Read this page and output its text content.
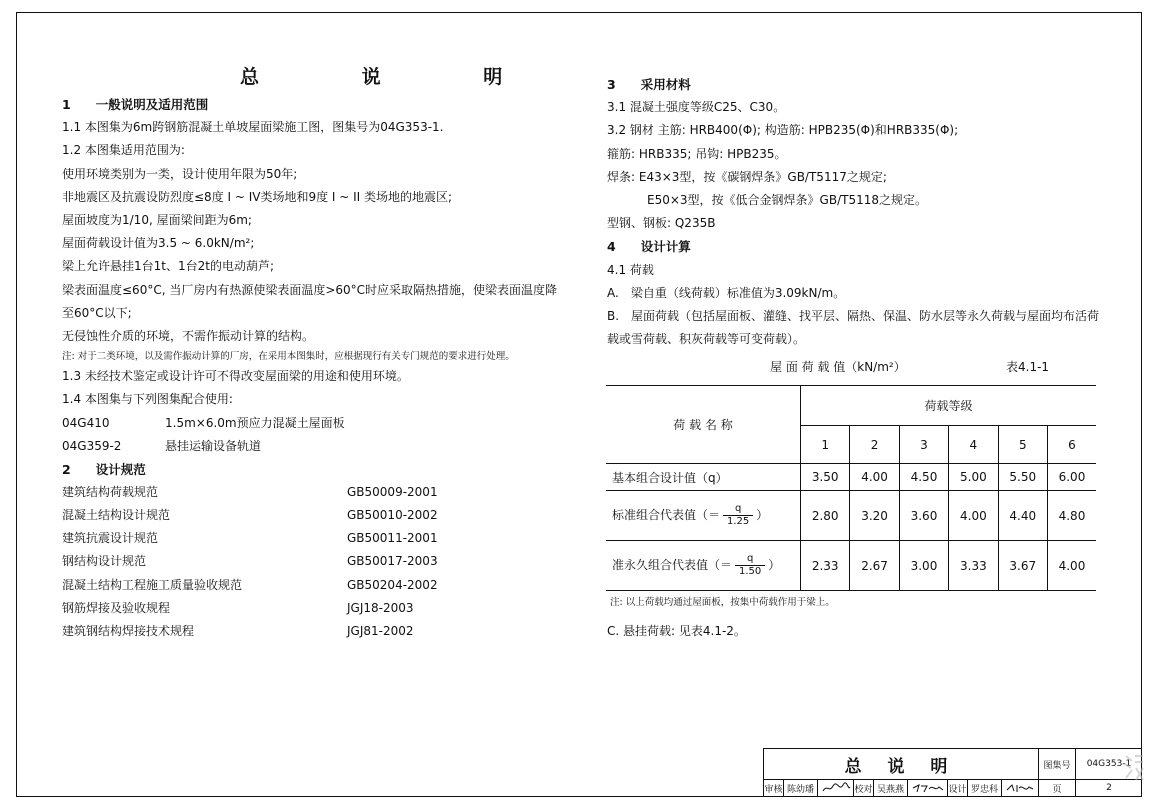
总 说 明
1　　一般说明及适用范围
1.1 本图集为6m跨钢筋混凝土单坡屋面梁施工图，图集号为04G353-1.
1.2 本图集适用范围为:
使用环境类别为一类，设计使用年限为50年;
非地震区及抗震设防烈度≤8度 I ~ IV类场地和9度 I ~ II 类场地的地震区;
屋面坡度为1/10, 屋面梁间距为6m;
屋面荷载设计值为3.5 ~ 6.0kN/m²;
梁上允许悬挂1台1t、1台2t的电动葫芦;
梁表面温度≤60°C, 当厂房内有热源使梁表面温度>60°C时应采取隔热措施，使梁表面温度降至60°C以下;
无侵蚀性介质的环境，不需作振动计算的结构。
注: 对于二类环境，以及需作振动计算的厂房，在采用本图集时，应根据现行有关专门规范的要求进行处理。
1.3 未经技术鉴定或设计许可不得改变屋面梁的用途和使用环境。
1.4 本图集与下列图集配合使用:
04G410	1.5m×6.0m预应力混凝土屋面板
04G359-2	悬挂运输设备轨道
2　　设计规范
建筑结构荷载规范	GB50009-2001
混凝土结构设计规范	GB50010-2002
建筑抗震设计规范	GB50011-2001
钢结构设计规范	GB50017-2003
混凝土结构工程施工质量验收规范	GB50204-2002
钢筋焊接及验收规程	JGJ18-2003
建筑钢结构焊接技术规程	JGJ81-2002
3　　采用材料
3.1 混凝土强度等级C25、C30。
3.2 钢材 主筋: HRB400(Φ); 构造筋: HPB235(Φ)和HRB335(Φ);
箍筋: HRB335; 吊钩: HPB235。
焊条: E43×3型，按《碳钢焊条》GB/T5117之规定;
E50×3型，按《低合金钢焊条》GB/T5118之规定。
型钢、钢板: Q235B
4　　设计计算
4.1 荷载
A.　梁自重（线荷载）标准值为3.09kN/m。
B.　屋面荷载（包括屋面板、灌缝、找平层、隔热、保温、防水层等永久荷载与屋面均布活荷载或雪荷载、积灰荷载等可变荷载）。
屋 面 荷 载 值（kN/m²）	表4.1-1
荷 载 名 称	荷载等级					
	1	2	3	4	5	6
基本组合设计值（q）	3.50	4.00	4.50	5.00	5.50	6.00
标准组合代表值（＝ $\frac{q}{1.25}$ ）	2.80	3.20	3.60	4.00	4.40	4.80
准永久组合代表值（＝ $\frac{q}{1.50}$ ）	2.33	2.67	3.00	3.33	3.67	4.00
注: 以上荷载均通过屋面板，按集中荷载作用于梁上。
C. 悬挂荷载: 见表4.1-2。
总 说 明	图集号	04G353-1
审核 陈幼璠	校对 吴燕燕	设计 罗忠科	页	2
